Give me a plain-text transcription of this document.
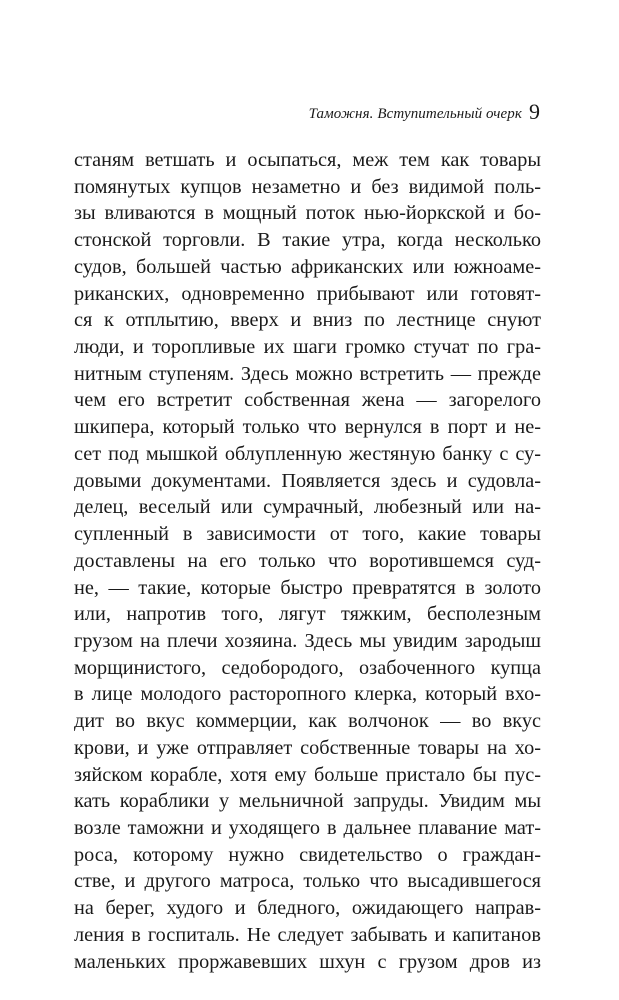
Таможня. Вступительный очерк 9
станям ветшать и осыпаться, меж тем как товары
помянутых купцов незаметно и без видимой поль-
зы вливаются в мощный поток нью-йоркской и бо-
стонской торговли. В такие утра, когда несколько
судов, большей частью африканских или южноаме-
риканских, одновременно прибывают или готовят-
ся к отплытию, вверх и вниз по лестнице снуют
люди, и торопливые их шаги громко стучат по гра-
нитным ступеням. Здесь можно встретить — прежде
чем его встретит собственная жена — загорелого
шкипера, который только что вернулся в порт и не-
сет под мышкой облупленную жестяную банку с су-
довыми документами. Появляется здесь и судовла-
делец, веселый или сумрачный, любезный или на-
супленный в зависимости от того, какие товары
доставлены на его только что воротившемся суд-
не, — такие, которые быстро превратятся в золото
или, напротив того, лягут тяжким, бесполезным
грузом на плечи хозяина. Здесь мы увидим зародыш
морщинистого, седобородого, озабоченного купца
в лице молодого расторопного клерка, который вхо-
дит во вкус коммерции, как волчонок — во вкус
крови, и уже отправляет собственные товары на хо-
зяйском корабле, хотя ему больше пристало бы пус-
кать кораблики у мельничной запруды. Увидим мы
возле таможни и уходящего в дальнее плавание мат-
роса, которому нужно свидетельство о граждан-
стве, и другого матроса, только что высадившегося
на берег, худого и бледного, ожидающего направ-
ления в госпиталь. Не следует забывать и капитанов
маленьких проржавевших шхун с грузом дров из
